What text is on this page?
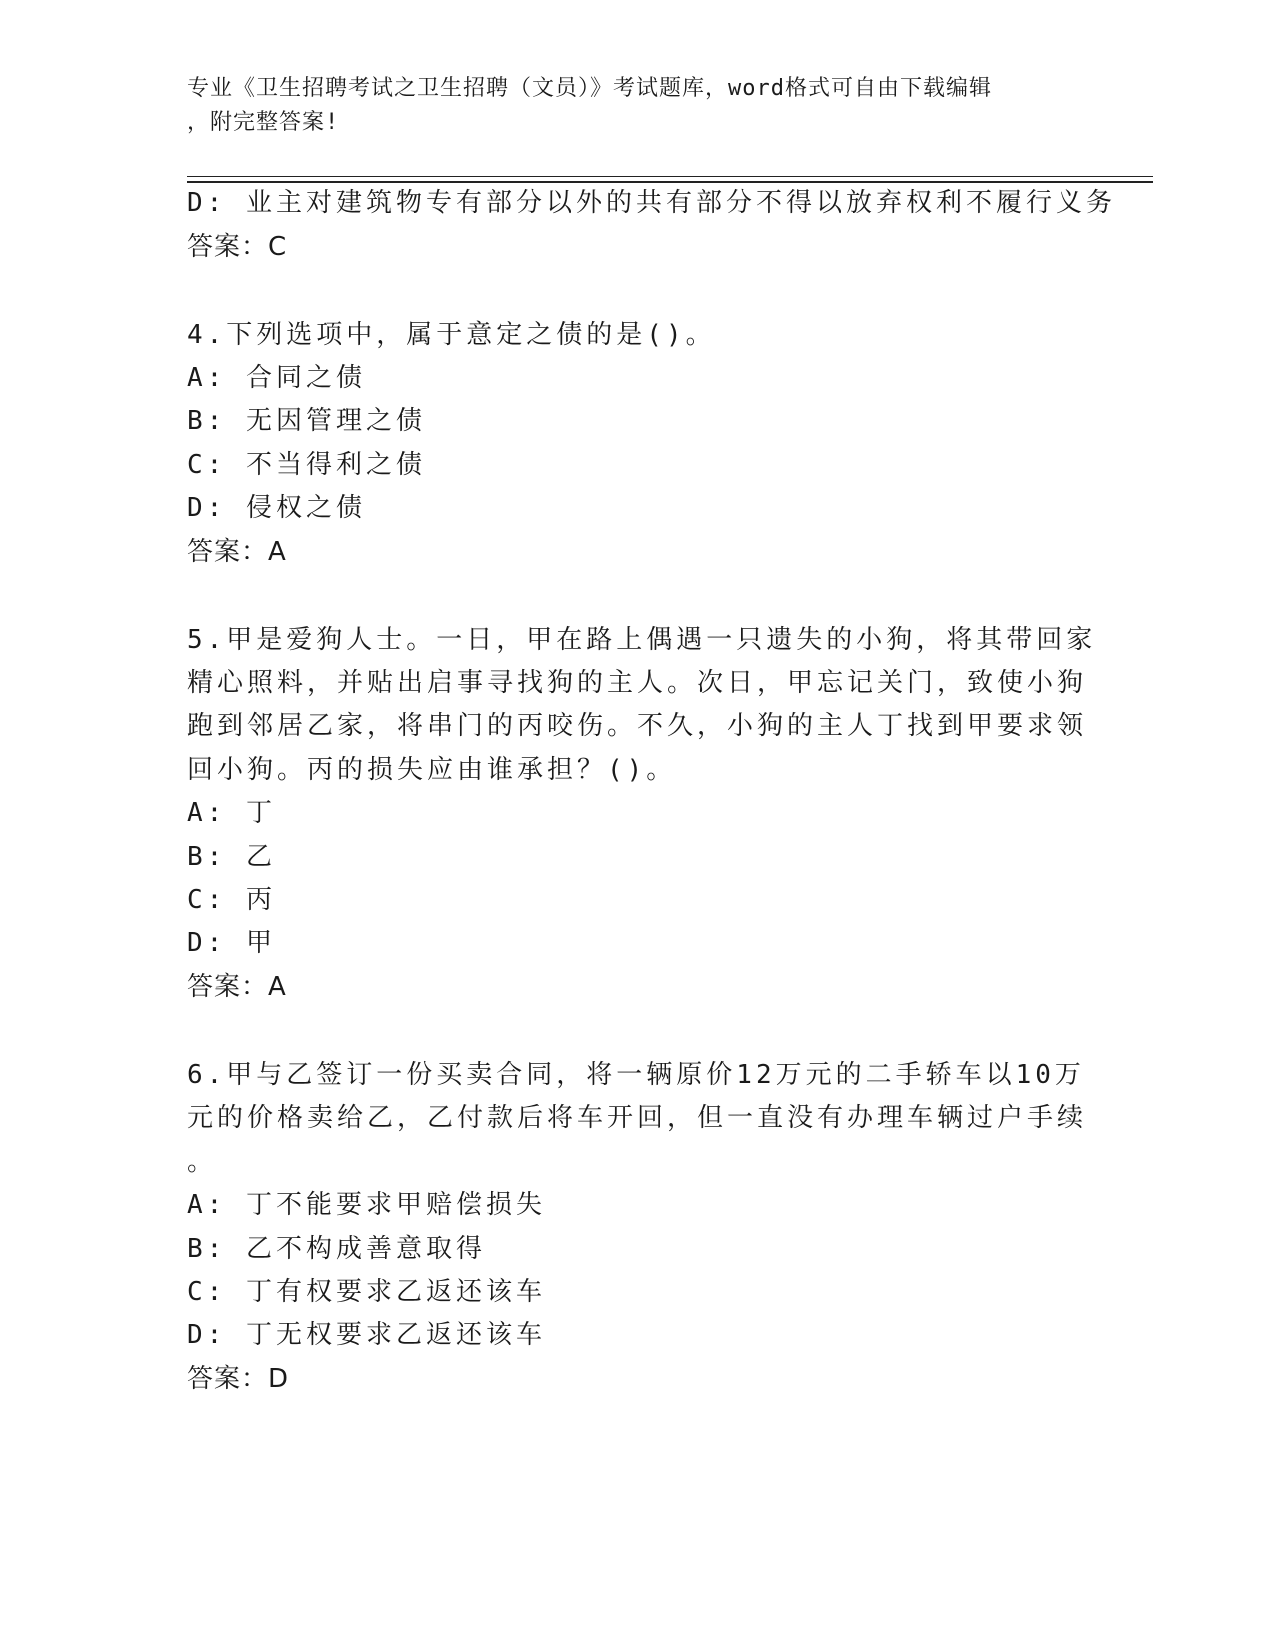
专业《卫生招聘考试之卫生招聘（文员）》考试题库，word格式可自由下载编辑
，附完整答案!
D: 业主对建筑物专有部分以外的共有部分不得以放弃权利不履行义务
答案：C
4.下列选项中，属于意定之债的是()。
A: 合同之债
B: 无因管理之债
C: 不当得利之债
D: 侵权之债
答案：A
5.甲是爱狗人士。一日，甲在路上偶遇一只遗失的小狗，将其带回家
精心照料，并贴出启事寻找狗的主人。次日，甲忘记关门，致使小狗
跑到邻居乙家，将串门的丙咬伤。不久，小狗的主人丁找到甲要求领
回小狗。丙的损失应由谁承担？()。
A: 丁
B: 乙
C: 丙
D: 甲
答案：A
6.甲与乙签订一份买卖合同，将一辆原价12万元的二手轿车以10万
元的价格卖给乙，乙付款后将车开回，但一直没有办理车辆过户手续
。
A: 丁不能要求甲赔偿损失
B: 乙不构成善意取得
C: 丁有权要求乙返还该车
D: 丁无权要求乙返还该车
答案：D
